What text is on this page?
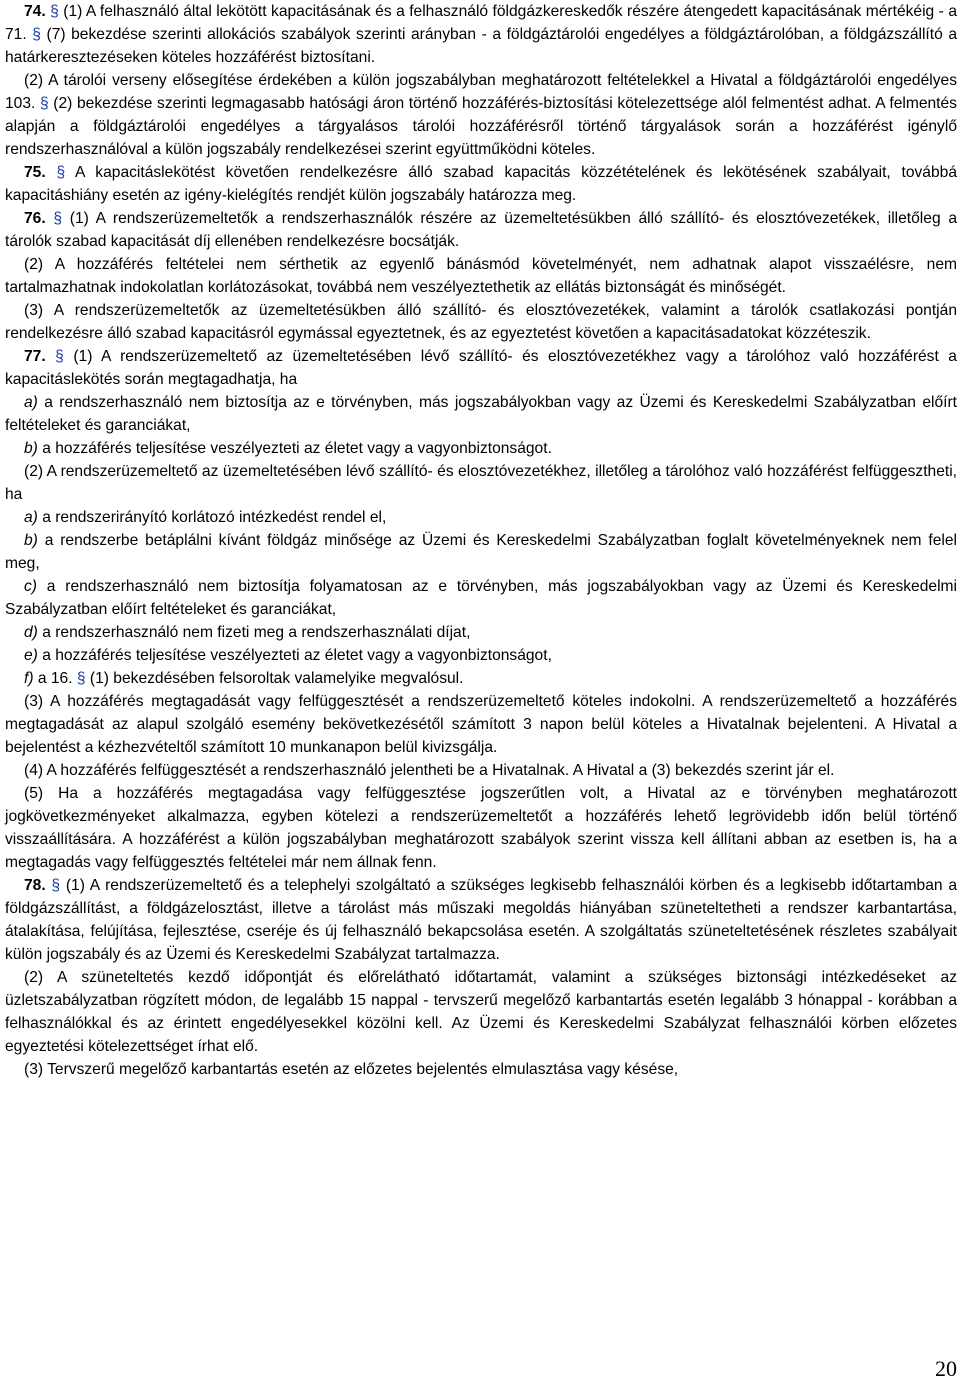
74. § (1) A felhasználó által lekötött kapacitásának és a felhasználó földgázkereskedők részére átengedett kapacitásának mértékéig - a 71. § (7) bekezdése szerinti allokációs szabályok szerinti arányban - a földgáztárolói engedélyes a földgáztárolóban, a földgázszállító a határkeresztezéseken köteles hozzáférést biztosítani.

(2) A tárolói verseny elősegítése érdekében a külön jogszabályban meghatározott feltételekkel a Hivatal a földgáztárolói engedélyes 103. § (2) bekezdése szerinti legmagasabb hatósági áron történő hozzáférés-biztosítási kötelezettsége alól felmentést adhat. A felmentés alapján a földgáztárolói engedélyes a tárgyalásos tárolói hozzáférésről történő tárgyalások során a hozzáférést igénylő rendszerhasználóval a külön jogszabály rendelkezései szerint együttműködni köteles.

75. § A kapacitáslekötést követően rendelkezésre álló szabad kapacitás közzétételének és lekötésének szabályait, továbbá kapacitáshiány esetén az igény-kielégítés rendjét külön jogszabály határozza meg.

76. § (1) A rendszerüzemeltetők a rendszerhasználók részére az üzemeltetésükben álló szállító- és elosztóvezetékek, illetőleg a tárolók szabad kapacitását díj ellenében rendelkezésre bocsátják.

(2) A hozzáférés feltételei nem sérthetik az egyenlő bánásmód követelményét, nem adhatnak alapot visszaélésre, nem tartalmazhatnak indokolatlan korlátozásokat, továbbá nem veszélyeztethetik az ellátás biztonságát és minőségét.

(3) A rendszerüzemeltetők az üzemeltetésükben álló szállító- és elosztóvezetékek, valamint a tárolók csatlakozási pontján rendelkezésre álló szabad kapacitásról egymással egyeztetnek, és az egyeztetést követően a kapacitásadatokat közzéteszik.

77. § (1) A rendszerüzemeltető az üzemeltetésében lévő szállító- és elosztóvezetékhez vagy a tárolóhoz való hozzáférést a kapacitáslekötés során megtagadhatja, ha

a) a rendszerhasználó nem biztosítja az e törvényben, más jogszabályokban vagy az Üzemi és Kereskedelmi Szabályzatban előírt feltételeket és garanciákat,

b) a hozzáférés teljesítése veszélyezteti az életet vagy a vagyonbiztonságot.

(2) A rendszerüzemeltető az üzemeltetésében lévő szállító- és elosztóvezetékhez, illetőleg a tárolóhoz való hozzáférést felfüggesztheti, ha

a) a rendszerirányító korlátozó intézkedést rendel el,

b) a rendszerbe betáplálni kívánt földgáz minősége az Üzemi és Kereskedelmi Szabályzatban foglalt követelményeknek nem felel meg,

c) a rendszerhasználó nem biztosítja folyamatosan az e törvényben, más jogszabályokban vagy az Üzemi és Kereskedelmi Szabályzatban előírt feltételeket és garanciákat,

d) a rendszerhasználó nem fizeti meg a rendszerhasználati díjat,

e) a hozzáférés teljesítése veszélyezteti az életet vagy a vagyonbiztonságot,

f) a 16. § (1) bekezdésében felsoroltak valamelyike megvalósul.

(3) A hozzáférés megtagadását vagy felfüggesztését a rendszerüzemeltető köteles indokolni. A rendszerüzemeltető a hozzáférés megtagadását az alapul szolgáló esemény bekövetkezésétől számított 3 napon belül köteles a Hivatalnak bejelenteni. A Hivatal a bejelentést a kézhezvételtől számított 10 munkanapon belül kivizsgálja.

(4) A hozzáférés felfüggesztését a rendszerhasználó jelentheti be a Hivatalnak. A Hivatal a (3) bekezdés szerint jár el.

(5) Ha a hozzáférés megtagadása vagy felfüggesztése jogszerűtlen volt, a Hivatal az e törvényben meghatározott jogkövetkezményeket alkalmazza, egyben kötelezi a rendszerüzemeltetőt a hozzáférés lehető legrövidebb időn belül történő visszaállítására. A hozzáférést a külön jogszabályban meghatározott szabályok szerint vissza kell állítani abban az esetben is, ha a megtagadás vagy felfüggesztés feltételei már nem állnak fenn.

78. § (1) A rendszerüzemeltető és a telephelyi szolgáltató a szükséges legkisebb felhasználói körben és a legkisebb időtartamban a földgázszállítást, a földgázelosztást, illetve a tárolást más műszaki megoldás hiányában szüneteltetheti a rendszer karbantartása, átalakítása, felújítása, fejlesztése, cseréje és új felhasználó bekapcsolása esetén. A szolgáltatás szüneteltetésének részletes szabályait külön jogszabály és az Üzemi és Kereskedelmi Szabályzat tartalmazza.

(2) A szüneteltetés kezdő időpontját és előrelátható időtartamát, valamint a szükséges biztonsági intézkedéseket az üzletszabályzatban rögzített módon, de legalább 15 nappal - tervszerű megelőző karbantartás esetén legalább 3 hónappal - korábban a felhasználókkal és az érintett engedélyesekkel közölni kell. Az Üzemi és Kereskedelmi Szabályzat felhasználói körben előzetes egyeztetési kötelezettséget írhat elő.

(3) Tervszerű megelőző karbantartás esetén az előzetes bejelentés elmulasztása vagy késése,

20
